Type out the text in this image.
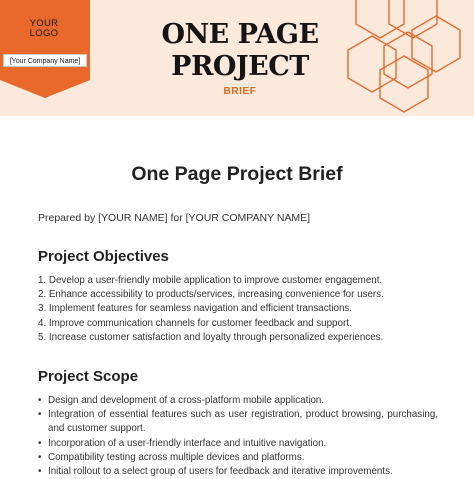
YOUR
LOGO
[Your Company Name]
ONE PAGE
PROJECT
BRIEF
One Page Project Brief
Prepared by [YOUR NAME] for [YOUR COMPANY NAME]
Project Objectives
1. Develop a user-friendly mobile application to improve customer engagement.
2. Enhance accessibility to products/services, increasing convenience for users.
3. Implement features for seamless navigation and efficient transactions.
4. Improve communication channels for customer feedback and support.
5. Increase customer satisfaction and loyalty through personalized experiences.
Project Scope
• Design and development of a cross-platform mobile application.
• Integration of essential features such as user registration, product browsing, purchasing, and customer support.
• Incorporation of a user-friendly interface and intuitive navigation.
• Compatibility testing across multiple devices and platforms.
• Initial rollout to a select group of users for feedback and iterative improvements.
